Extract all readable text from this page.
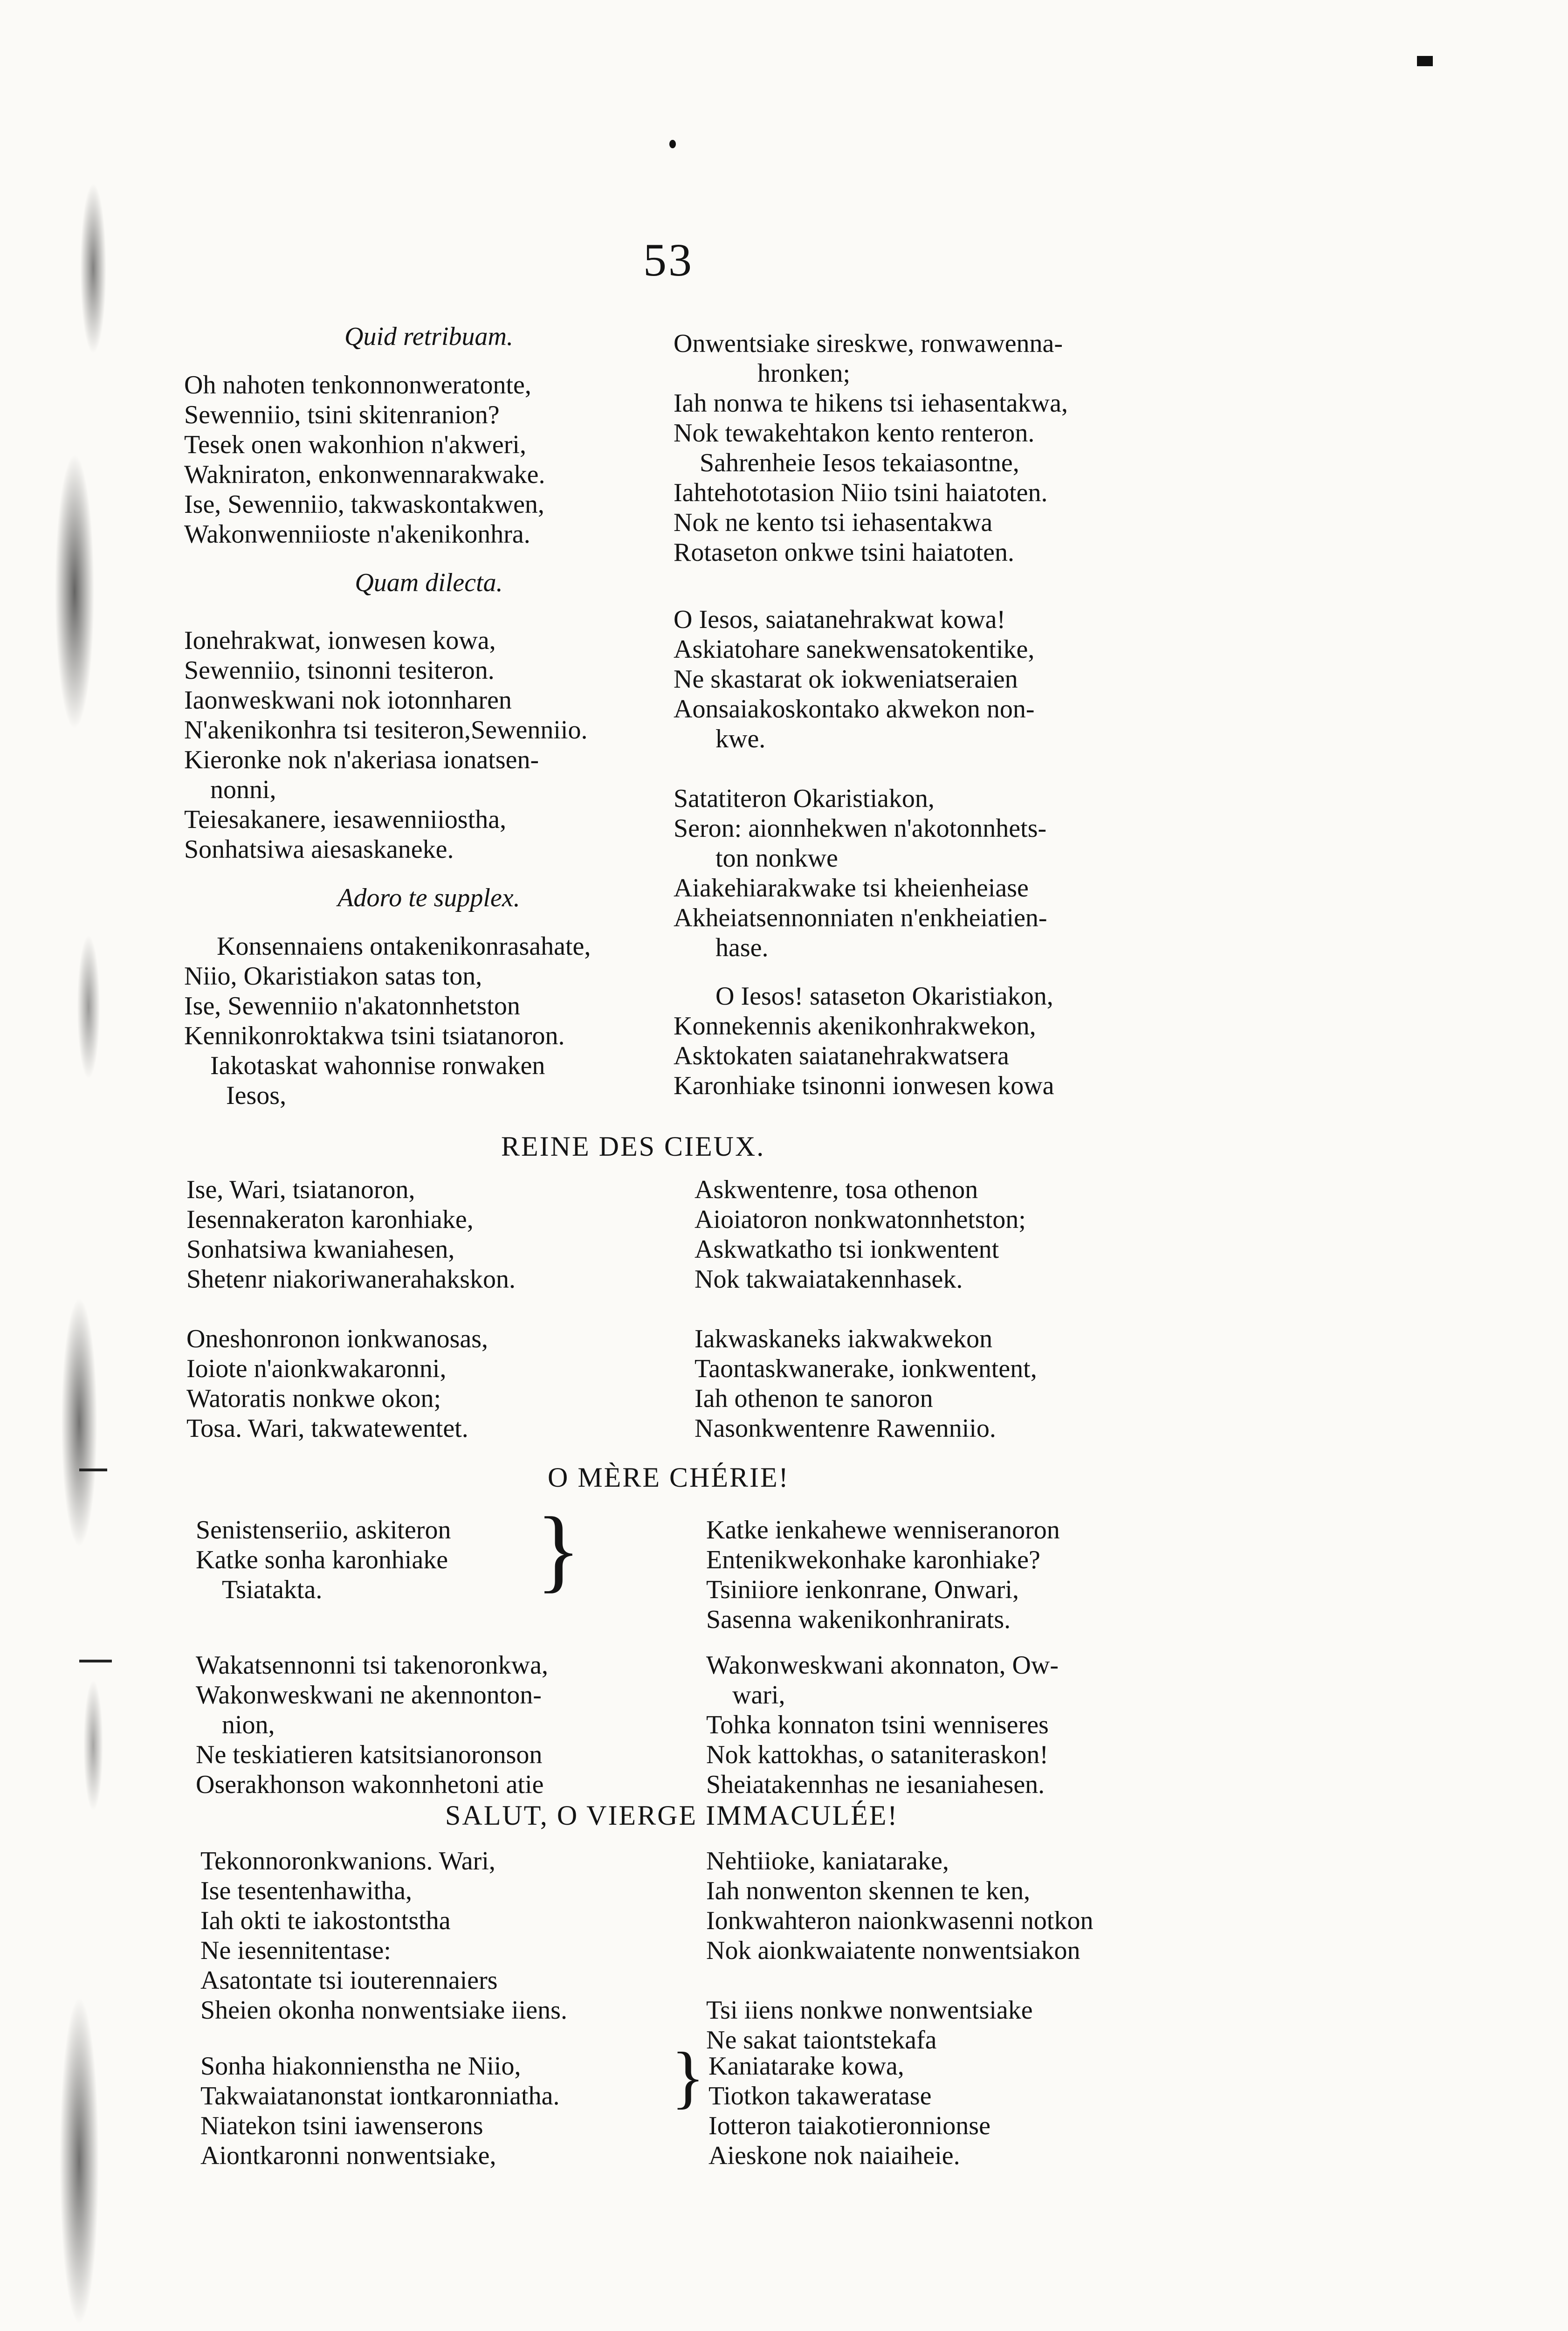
53
Quid retribuam.
Oh nahoten tenkonnonweratonte,
Sewenniio, tsini skitenranion?
Tesek onen wakonhion n'akweri,
Wakniraton, enkonwennarakwake.
Ise, Sewenniio, takwaskontakwen,
Wakonwenniioste n'akenikonhra.
Quam dilecta.
Ionehrakwat, ionwesen kowa,
Sewenniio, tsinonni tesiteron.
Iaonweskwani nok iotonnharen
N'akenikonhra tsi tesiteron,Sewenniio.
Kieronke nok n'akeriasa ionatsen-
nonni,
Teiesakanere, iesawenniiostha,
Sonhatsiwa aiesaskaneke.
Adoro te supplex.
Konsennaiens ontakenikonrasahate,
Niio, Okaristiakon satas ton,
Ise, Sewenniio n'akatonnhetston
Kennikonroktakwa tsini tsiatanoron.
Iakotaskat wahonnise ronwaken
Iesos,
Onwentsiake sireskwe, ronwawenna-
hronken;
Iah nonwa te hikens tsi iehasentakwa,
Nok tewakehtakon kento renteron.
Sahrenheie Iesos tekaiasontne,
Iahtehototasion Niio tsini haiatoten.
Nok ne kento tsi iehasentakwa
Rotaseton onkwe tsini haiatoten.
O Iesos, saiatanehrakwat kowa!
Askiatohare sanekwensatokentike,
Ne skastarat ok iokweniatseraien
Aonsaiakoskontako akwekon non-
kwe.
Satatiteron Okaristiakon,
Seron: aionnhekwen n'akotonnhets-
ton nonkwe
Aiakehiarakwake tsi kheienheiase
Akheiatsennonniaten n'enkheiatien-
hase.
O Iesos! sataseton Okaristiakon,
Konnekennis akenikonhrakwekon,
Asktokaten saiatanehrakwatsera
Karonhiake tsinonni ionwesen kowa
REINE DES CIEUX.
Ise, Wari, tsiatanoron,
Iesennakeraton karonhiake,
Sonhatsiwa kwaniahesen,
Shetenr niakoriwanerahakskon.
Oneshonronon ionkwanosas,
Ioiote n'aionkwakaronni,
Watoratis nonkwe okon;
Tosa. Wari, takwatewentet.
Askwentenre, tosa othenon
Aioiatoron nonkwatonnhetston;
Askwatkatho tsi ionkwentent
Nok takwaiatakennhasek.
Iakwaskaneks iakwakwekon
Taontaskwanerake, ionkwentent,
Iah othenon te sanoron
Nasonkwentenre Rawenniio.
O MÈRE CHÉRIE!
Senistenseriio, askiteron
Katke sonha karonhiake
Tsiatakta.	}	Katke ienkahewe wenniseranoron
Entenikwekonhake karonhiake?
Tsiniiore ienkonrane, Onwari,
Sasenna wakenikonhranirats.
Wakatsennonni tsi takenoronkwa,
Wakonweskwani ne akennonton-
nion,
Ne teskiatieren katsitsianoronson
Oserakhonson wakonnhetoni atie
Wakonweskwani akonnaton, Ow-
wari,
Tohka konnaton tsini wenniseres
Nok kattokhas, o sataniteraskon!
Sheiatakennhas ne iesaniahesen.
SALUT, O VIERGE IMMACULÉE!
Tekonnoronkwanions. Wari,
Ise tesentenhawitha,
Iah okti te iakostontstha
Ne iesennitentase:
Asatontate tsi iouterennaiers
Sheien okonha nonwentsiake iiens.
Nehtiioke, kaniatarake,
Iah nonwenton skennen te ken,
Ionkwahteron naionkwasenni notkon
Nok aionkwaiatente nonwentsiakon
Tsi iiens nonkwe nonwentsiake
Ne sakat taiontstekafa
Sonha hiakonniensthа ne Niio,
Takwaiatanonstat iontkaronniatha.
Niatekon tsini iawenserons
Aiontkaronni nonwentsiake,
} Kaniatarake kowa,
Tiotkon takaweratase
Iotteron taiakotieronnionse
Aieskone nok naiaiheie.
